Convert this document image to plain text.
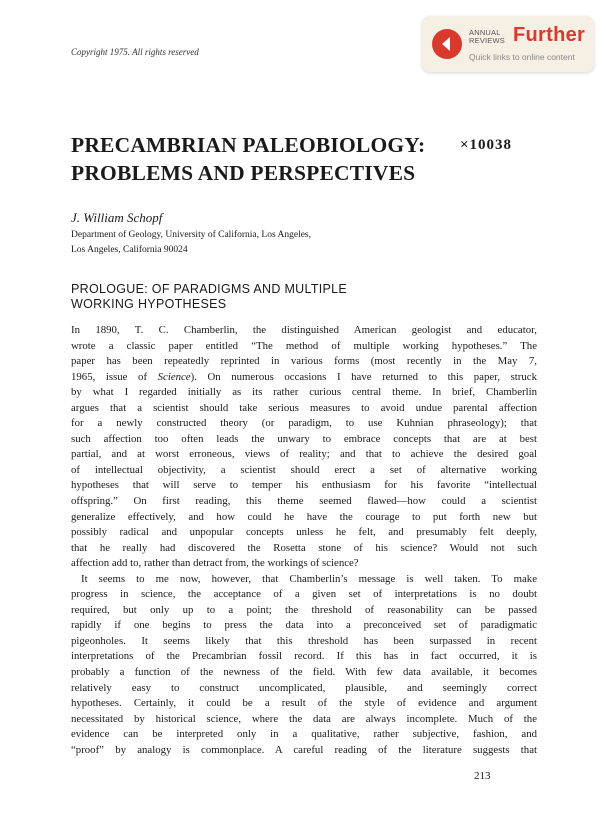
Copyright 1975. All rights reserved
ANNUAL
REVIEWS Further
Quick links to online content
PRECAMBRIAN PALEOBIOLOGY:
PROBLEMS AND PERSPECTIVES
×10038
J. William Schopf
Department of Geology, University of California, Los Angeles,
Los Angeles, California 90024
PROLOGUE: OF PARADIGMS AND MULTIPLE
WORKING HYPOTHESES
In 1890, T. C. Chamberlin, the distinguished American geologist and educator,
wrote a classic paper entitled “The method of multiple working hypotheses.” The
paper has been repeatedly reprinted in various forms (most recently in the May 7,
1965, issue of Science). On numerous occasions I have returned to this paper, struck
by what I regarded initially as its rather curious central theme. In brief, Chamberlin
argues that a scientist should take serious measures to avoid undue parental affection
for a newly constructed theory (or paradigm, to use Kuhnian phraseology); that
such affection too often leads the unwary to embrace concepts that are at best
partial, and at worst erroneous, views of reality; and that to achieve the desired goal
of intellectual objectivity, a scientist should erect a set of alternative working
hypotheses that will serve to temper his enthusiasm for his favorite “intellectual
offspring.” On first reading, this theme seemed flawed—how could a scientist
generalize effectively, and how could he have the courage to put forth new but
possibly radical and unpopular concepts unless he felt, and presumably felt deeply,
that he really had discovered the Rosetta stone of his science? Would not such
affection add to, rather than detract from, the workings of science?
It seems to me now, however, that Chamberlin’s message is well taken. To make
progress in science, the acceptance of a given set of interpretations is no doubt
required, but only up to a point; the threshold of reasonability can be passed
rapidly if one begins to press the data into a preconceived set of paradigmatic
pigeonholes. It seems likely that this threshold has been surpassed in recent
interpretations of the Precambrian fossil record. If this has in fact occurred, it is
probably a function of the newness of the field. With few data available, it becomes
relatively easy to construct uncomplicated, plausible, and seemingly correct
hypotheses. Certainly, it could be a result of the style of evidence and argument
necessitated by historical science, where the data are always incomplete. Much of the
evidence can be interpreted only in a qualitative, rather subjective, fashion, and
“proof” by analogy is commonplace. A careful reading of the literature suggests that
213
